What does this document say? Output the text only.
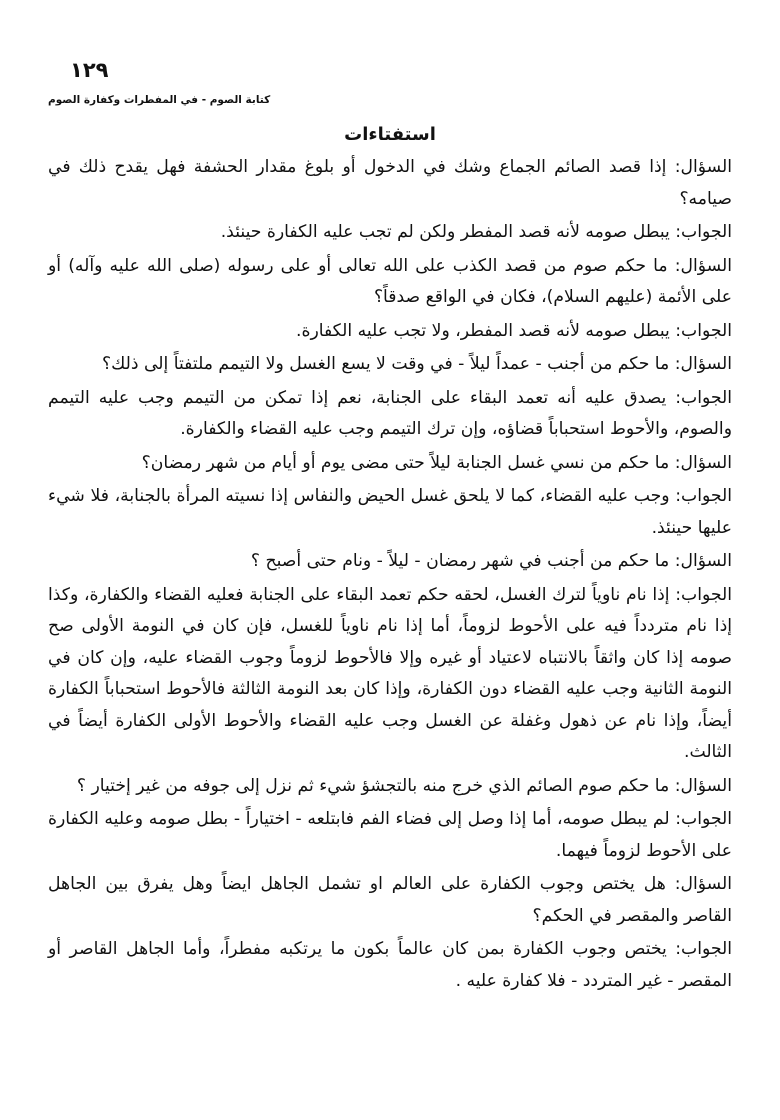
١٢٩
كتابة الصوم - في المفطرات وكفارة الصوم
استفتاءات

السؤال: إذا قصد الصائم الجماع وشك في الدخول أو بلوغ مقدار الحشفة فهل يقدح ذلك في صيامه؟

الجواب: يبطل صومه لأنه قصد المفطر ولكن لم تجب عليه الكفارة حينئذ.

السؤال: ما حكم صوم من قصد الكذب على الله تعالى أو على رسوله (صلى الله عليه وآله) أو على الأئمة (عليهم السلام)، فكان في الواقع صدقاً؟

الجواب: يبطل صومه لأنه قصد المفطر، ولا تجب عليه الكفارة.

السؤال: ما حكم من أجنب - عمداً ليلاً - في وقت لا يسع الغسل ولا التيمم ملتفتاً إلى ذلك؟

الجواب: يصدق عليه أنه تعمد البقاء على الجنابة، نعم إذا تمكن من التيمم وجب عليه التيمم والصوم، والأحوط استحباباً قضاؤه، وإن ترك التيمم وجب عليه القضاء والكفارة.

السؤال: ما حكم من نسي غسل الجنابة ليلاً حتى مضى يوم أو أيام من شهر رمضان؟

الجواب: وجب عليه القضاء، كما لا يلحق غسل الحيض والنفاس إذا نسيته المرأة بالجنابة، فلا شيء عليها حينئذ.

السؤال: ما حكم من أجنب في شهر رمضان - ليلاً - ونام حتى أصبح ؟

الجواب: إذا نام ناوياً لترك الغسل، لحقه حكم تعمد البقاء على الجنابة فعليه القضاء والكفارة، وكذا إذا نام متردداً فيه على الأحوط لزوماً، أما إذا نام ناوياً للغسل، فإن كان في النومة الأولى صح صومه إذا كان واثقاً بالانتباه لاعتياد أو غيره وإلا فالأحوط لزوماً وجوب القضاء عليه، وإن كان في النومة الثانية وجب عليه القضاء دون الكفارة، وإذا كان بعد النومة الثالثة فالأحوط استحباباً الكفارة أيضاً، وإذا نام عن ذهول وغفلة عن الغسل وجب عليه القضاء والأحوط الأولى الكفارة أيضاً في الثالث.

السؤال: ما حكم صوم الصائم الذي خرج منه بالتجشؤ شيء ثم نزل إلى جوفه من غير إختيار ؟

الجواب: لم يبطل صومه، أما إذا وصل إلى فضاء الفم فابتلعه - اختياراً - بطل صومه وعليه الكفارة على الأحوط لزوماً فيهما.

السؤال: هل يختص وجوب الكفارة على العالم او تشمل الجاهل ايضاً وهل يفرق بين الجاهل القاصر والمقصر في الحكم؟

الجواب: يختص وجوب الكفارة بمن كان عالماً بكون ما يرتكبه مفطراً، وأما الجاهل القاصر أو المقصر - غير المتردد - فلا كفارة عليه .
